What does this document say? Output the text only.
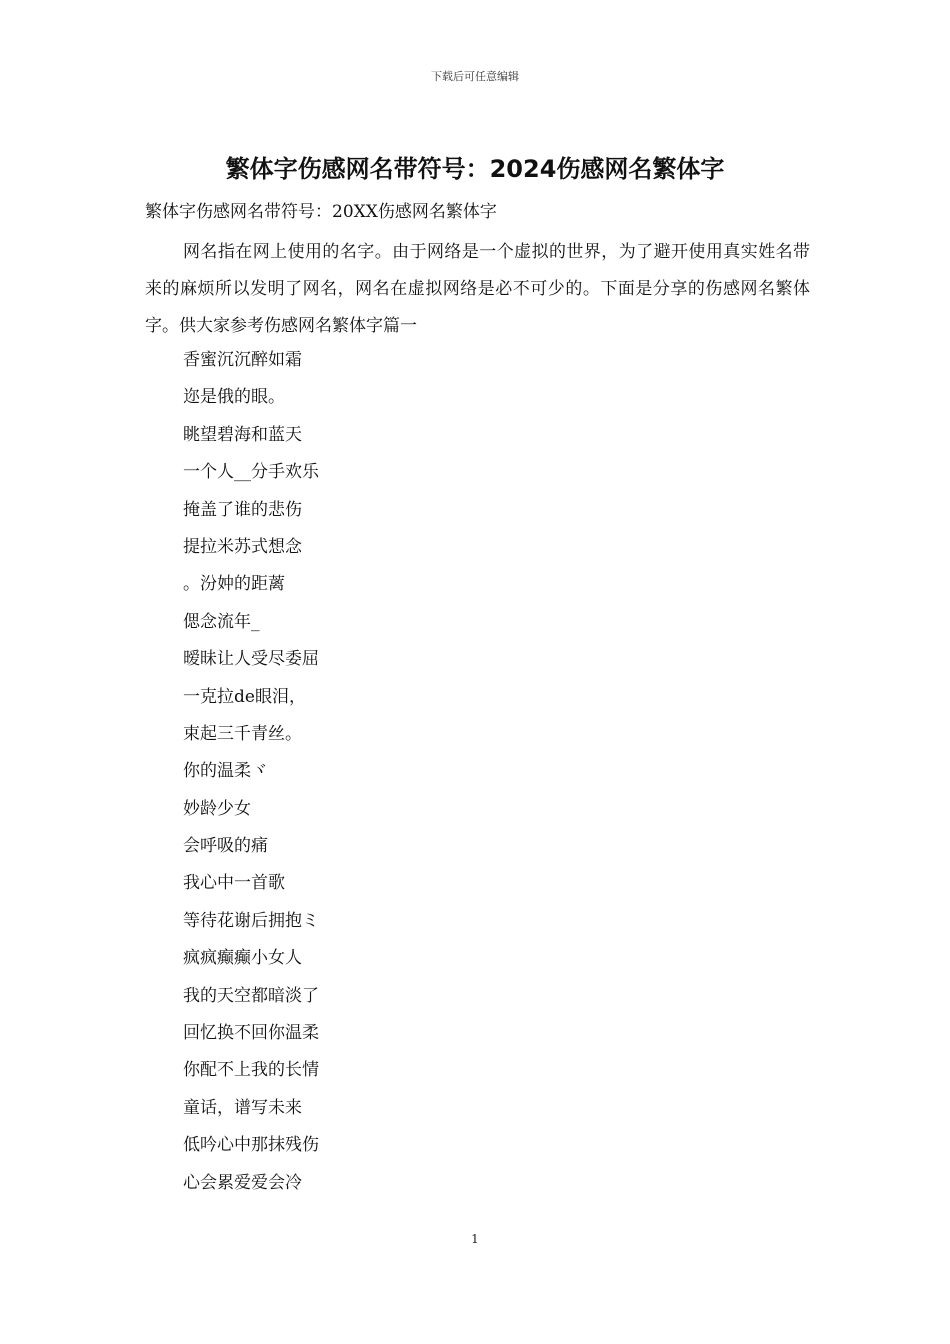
下载后可任意编辑
繁体字伤感网名带符号：2024伤感网名繁体字
繁体字伤感网名带符号：20XX伤感网名繁体字

网名指在网上使用的名字。由于网络是一个虚拟的世界，为了避开使用真实姓名带来的麻烦所以发明了网名，网名在虚拟网络是必不可少的。下面是分享的伤感网名繁体字。供大家参考伤感网名繁体字篇一

香蜜沉沉醉如霜
迩是俄的眼。
眺望碧海和蓝天
一个人__分手欢乐
掩盖了谁的悲伤
提拉米苏式想念
。汾妕的距蓠
偲念流年_
暧昧让人受尽委屈
一克拉de眼泪，
束起三千青丝。
你的温柔ヾ
妙龄少女
会呼吸的痛
我心中一首歌
等待花谢后拥抱ミ
疯疯癫癫小女人
我的天空都暗淡了
回忆换不回你温柔
你配不上我的长情
童话，谱写未来
低吟心中那抹残伤
心会累爱爱会冷
1
